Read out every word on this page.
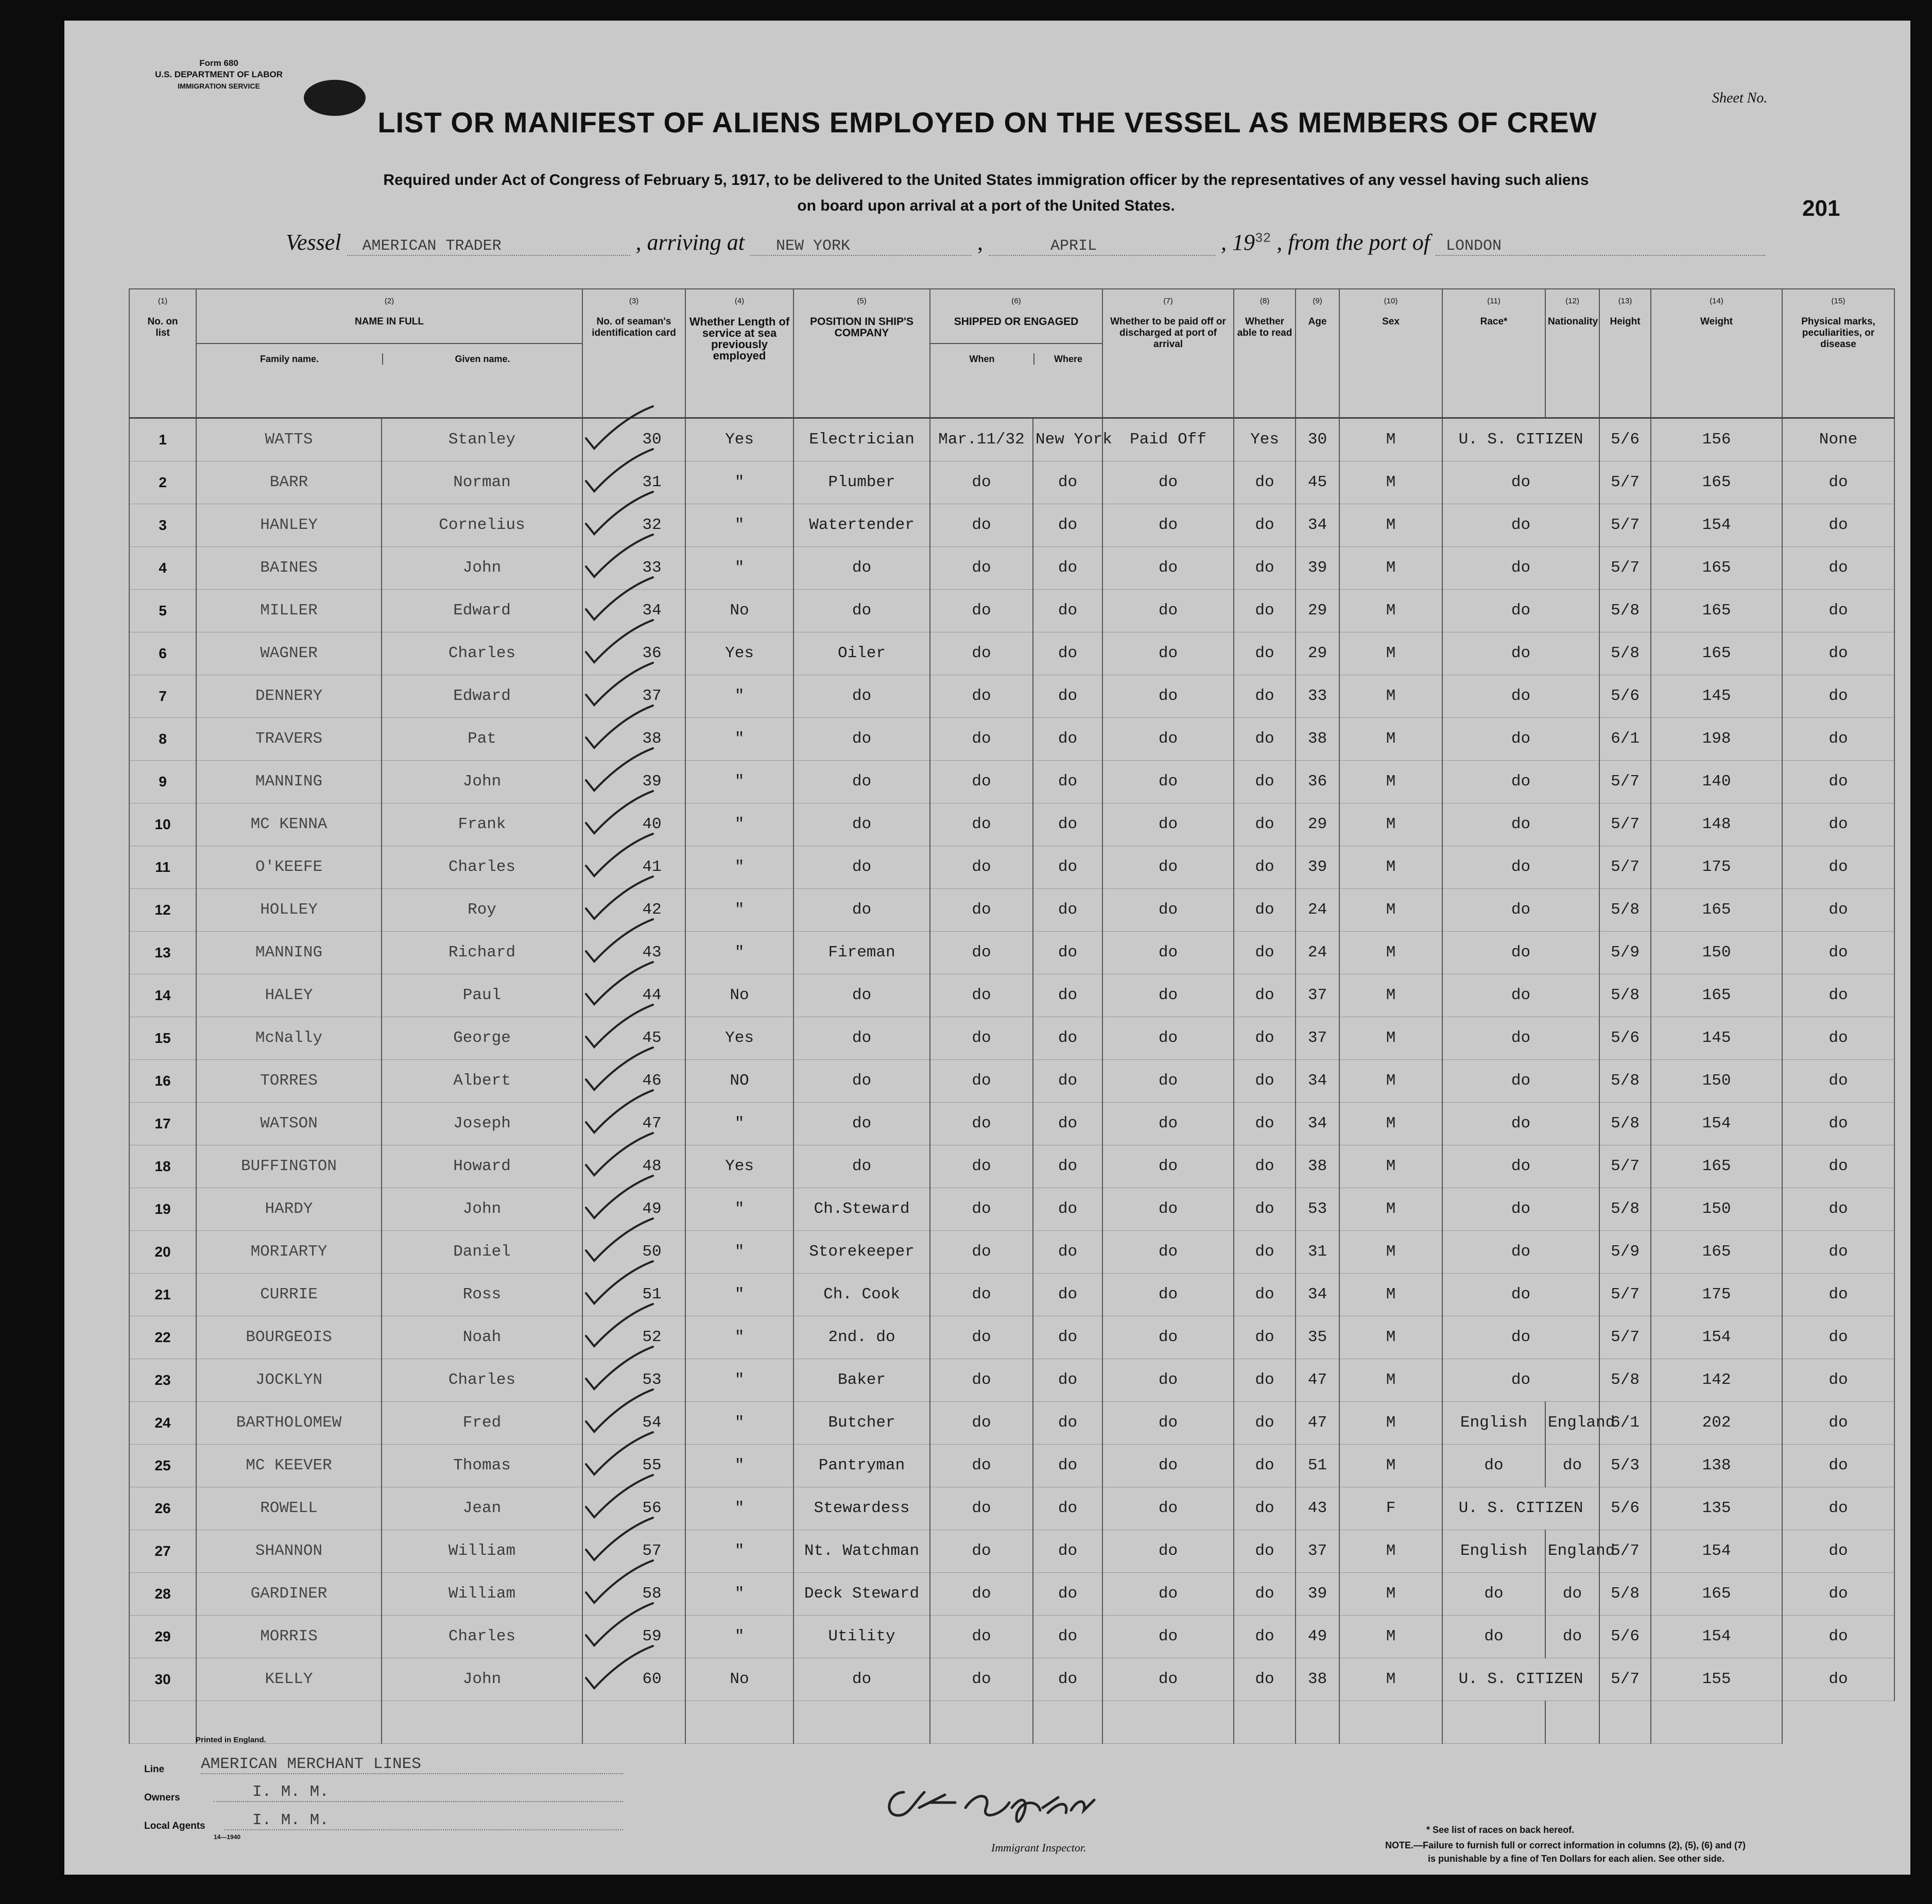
Form 680
U.S. DEPARTMENT OF LABOR
IMMIGRATION SERVICE
Sheet No.
201
LIST OR MANIFEST OF ALIENS EMPLOYED ON THE VESSEL AS MEMBERS OF CREW
Required under Act of Congress of February 5, 1917, to be delivered to the United States immigration officer by the representatives of any vessel having such aliens
on board upon arrival at a port of the United States.
Vessel AMERICAN TRADER	, arriving at NEW YORK	,	APRIL	, $19^{32}$ , from the port of LONDON
(1)
No. on list	(2)
NAME IN FULL
Family name. Given name.		(3)
No. of seaman's identification card	(4)
Whether Length of service at sea previously employed	(5)
POSITION IN SHIP'S COMPANY	(6)
SHIPPED OR ENGAGED
When Where		(7)
Whether to be paid off or discharged at port of arrival	(8)
Whether able to read	(9)
Age	(10)
Sex	(11)
Race*	(12)
Nationality	(13)
Height	(14)
Weight	(15)
Physical marks, peculiarities, or disease

1	WATTS	Stanley	30	Yes	Electrician	Mar.11/32	New York	Paid Off	Yes	30	M	U. S. CITIZEN		5/6	156	None
2	BARR	Norman	31	"	Plumber	do	do	do	do	45	M	do		5/7	165	do
3	HANLEY	Cornelius	32	"	Watertender	do	do	do	do	34	M	do		5/7	154	do
4	BAINES	John	33	"	do	do	do	do	do	39	M	do		5/7	165	do
5	MILLER	Edward	34	No	do	do	do	do	do	29	M	do		5/8	165	do
6	WAGNER	Charles	36	Yes	Oiler	do	do	do	do	29	M	do		5/8	165	do
7	DENNERY	Edward	37	"	do	do	do	do	do	33	M	do		5/6	145	do
8	TRAVERS	Pat	38	"	do	do	do	do	do	38	M	do		6/1	198	do
9	MANNING	John	39	"	do	do	do	do	do	36	M	do		5/7	140	do
10	MC KENNA	Frank	40	"	do	do	do	do	do	29	M	do		5/7	148	do
11	O'KEEFE	Charles	41	"	do	do	do	do	do	39	M	do		5/7	175	do
12	HOLLEY	Roy	42	"	do	do	do	do	do	24	M	do		5/8	165	do
13	MANNING	Richard	43	"	Fireman	do	do	do	do	24	M	do		5/9	150	do
14	HALEY	Paul	44	No	do	do	do	do	do	37	M	do		5/8	165	do
15	McNally	George	45	Yes	do	do	do	do	do	37	M	do		5/6	145	do
16	TORRES	Albert	46	NO	do	do	do	do	do	34	M	do		5/8	150	do
17	WATSON	Joseph	47	"	do	do	do	do	do	34	M	do		5/8	154	do
18	BUFFINGTON	Howard	48	Yes	do	do	do	do	do	38	M	do		5/7	165	do
19	HARDY	John	49	"	Ch.Steward	do	do	do	do	53	M	do		5/8	150	do
20	MORIARTY	Daniel	50	"	Storekeeper	do	do	do	do	31	M	do		5/9	165	do
21	CURRIE	Ross	51	"	Ch. Cook	do	do	do	do	34	M	do		5/7	175	do
22	BOURGEOIS	Noah	52	"	2nd. do	do	do	do	do	35	M	do		5/7	154	do
23	JOCKLYN	Charles	53	"	Baker	do	do	do	do	47	M	do		5/8	142	do
24	BARTHOLOMEW	Fred	54	"	Butcher	do	do	do	do	47	M	English	England	6/1	202	do
25	MC KEEVER	Thomas	55	"	Pantryman	do	do	do	do	51	M	do	do	5/3	138	do
26	ROWELL	Jean	56	"	Stewardess	do	do	do	do	43	F	U. S. CITIZEN		5/6	135	do
27	SHANNON	William	57	"	Nt. Watchman	do	do	do	do	37	M	English	England	5/7	154	do
28	GARDINER	William	58	"	Deck Steward	do	do	do	do	39	M	do	do	5/8	165	do
29	MORRIS	Charles	59	"	Utility	do	do	do	do	49	M	do	do	5/6	154	do
30	KELLY	John	60	No	do	do	do	do	do	38	M	U. S. CITIZEN		5/7	155	do

Printed in England.
Line AMERICAN MERCHANT LINES
Owners	I. M. M.
Local Agents	I. M. M.
14—1940
Immigrant Inspector.
* See list of races on back hereof.
NOTE.—Failure to furnish full or correct information in columns (2), (5), (6) and (7)
is punishable by a fine of Ten Dollars for each alien. See other side.
